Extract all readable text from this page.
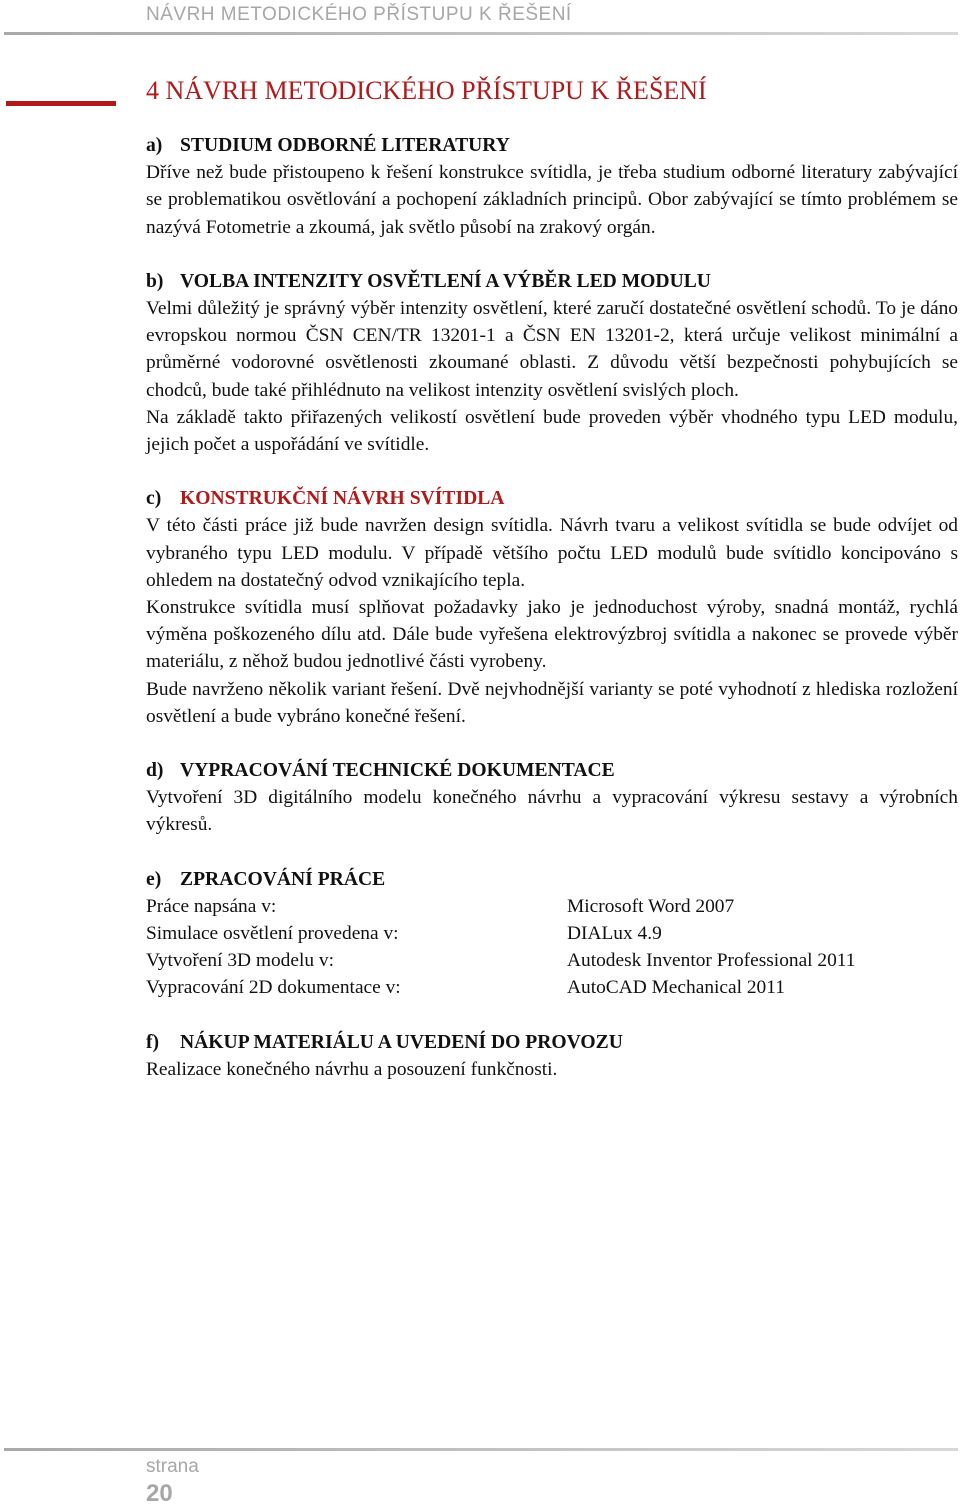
NÁVRH METODICKÉHO PŘÍSTUPU K ŘEŠENÍ
4 NÁVRH METODICKÉHO PŘÍSTUPU K ŘEŠENÍ
a) STUDIUM ODBORNÉ LITERATURY

Dříve než bude přistoupeno k řešení konstrukce svítidla, je třeba studium odborné literatury zabývající se problematikou osvětlování a pochopení základních principů. Obor zabývající se tímto problémem se nazývá Fotometrie a zkoumá, jak světlo působí na zrakový orgán.

b) VOLBA INTENZITY OSVĚTLENÍ A VÝBĚR LED MODULU

Velmi důležitý je správný výběr intenzity osvětlení, které zaručí dostatečné osvětlení schodů. To je dáno evropskou normou ČSN CEN/TR 13201-1 a ČSN EN 13201-2, která určuje velikost minimální a průměrné vodorovné osvětlenosti zkoumané oblasti. Z důvodu větší bezpečnosti pohybujících se chodců, bude také přihlédnuto na velikost intenzity osvětlení svislých ploch.

Na základě takto přiřazených velikostí osvětlení bude proveden výběr vhodného typu LED modulu, jejich počet a uspořádání ve svítidle.

c) KONSTRUKČNÍ NÁVRH SVÍTIDLA

V této části práce již bude navržen design svítidla. Návrh tvaru a velikost svítidla se bude odvíjet od vybraného typu LED modulu. V případě většího počtu LED modulů bude svítidlo koncipováno s ohledem na dostatečný odvod vznikajícího tepla.

Konstrukce svítidla musí splňovat požadavky jako je jednoduchost výroby, snadná montáž, rychlá výměna poškozeného dílu atd. Dále bude vyřešena elektrovýzbroj svítidla a nakonec se provede výběr materiálu, z něhož budou jednotlivé části vyrobeny.

Bude navrženo několik variant řešení. Dvě nejvhodnější varianty se poté vyhodnotí z hlediska rozložení osvětlení a bude vybráno konečné řešení.

d) VYPRACOVÁNÍ TECHNICKÉ DOKUMENTACE

Vytvoření 3D digitálního modelu konečného návrhu a vypracování výkresu sestavy a výrobních výkresů.

e) ZPRACOVÁNÍ PRÁCE
Práce napsána v:	Microsoft Word 2007
Simulace osvětlení provedena v:	DIALux 4.9
Vytvoření 3D modelu v:	Autodesk Inventor Professional 2011
Vypracování 2D dokumentace v:	AutoCAD Mechanical 2011
f) NÁKUP MATERIÁLU A UVEDENÍ DO PROVOZU

Realizace konečného návrhu a posouzení funkčnosti.

strana
20
